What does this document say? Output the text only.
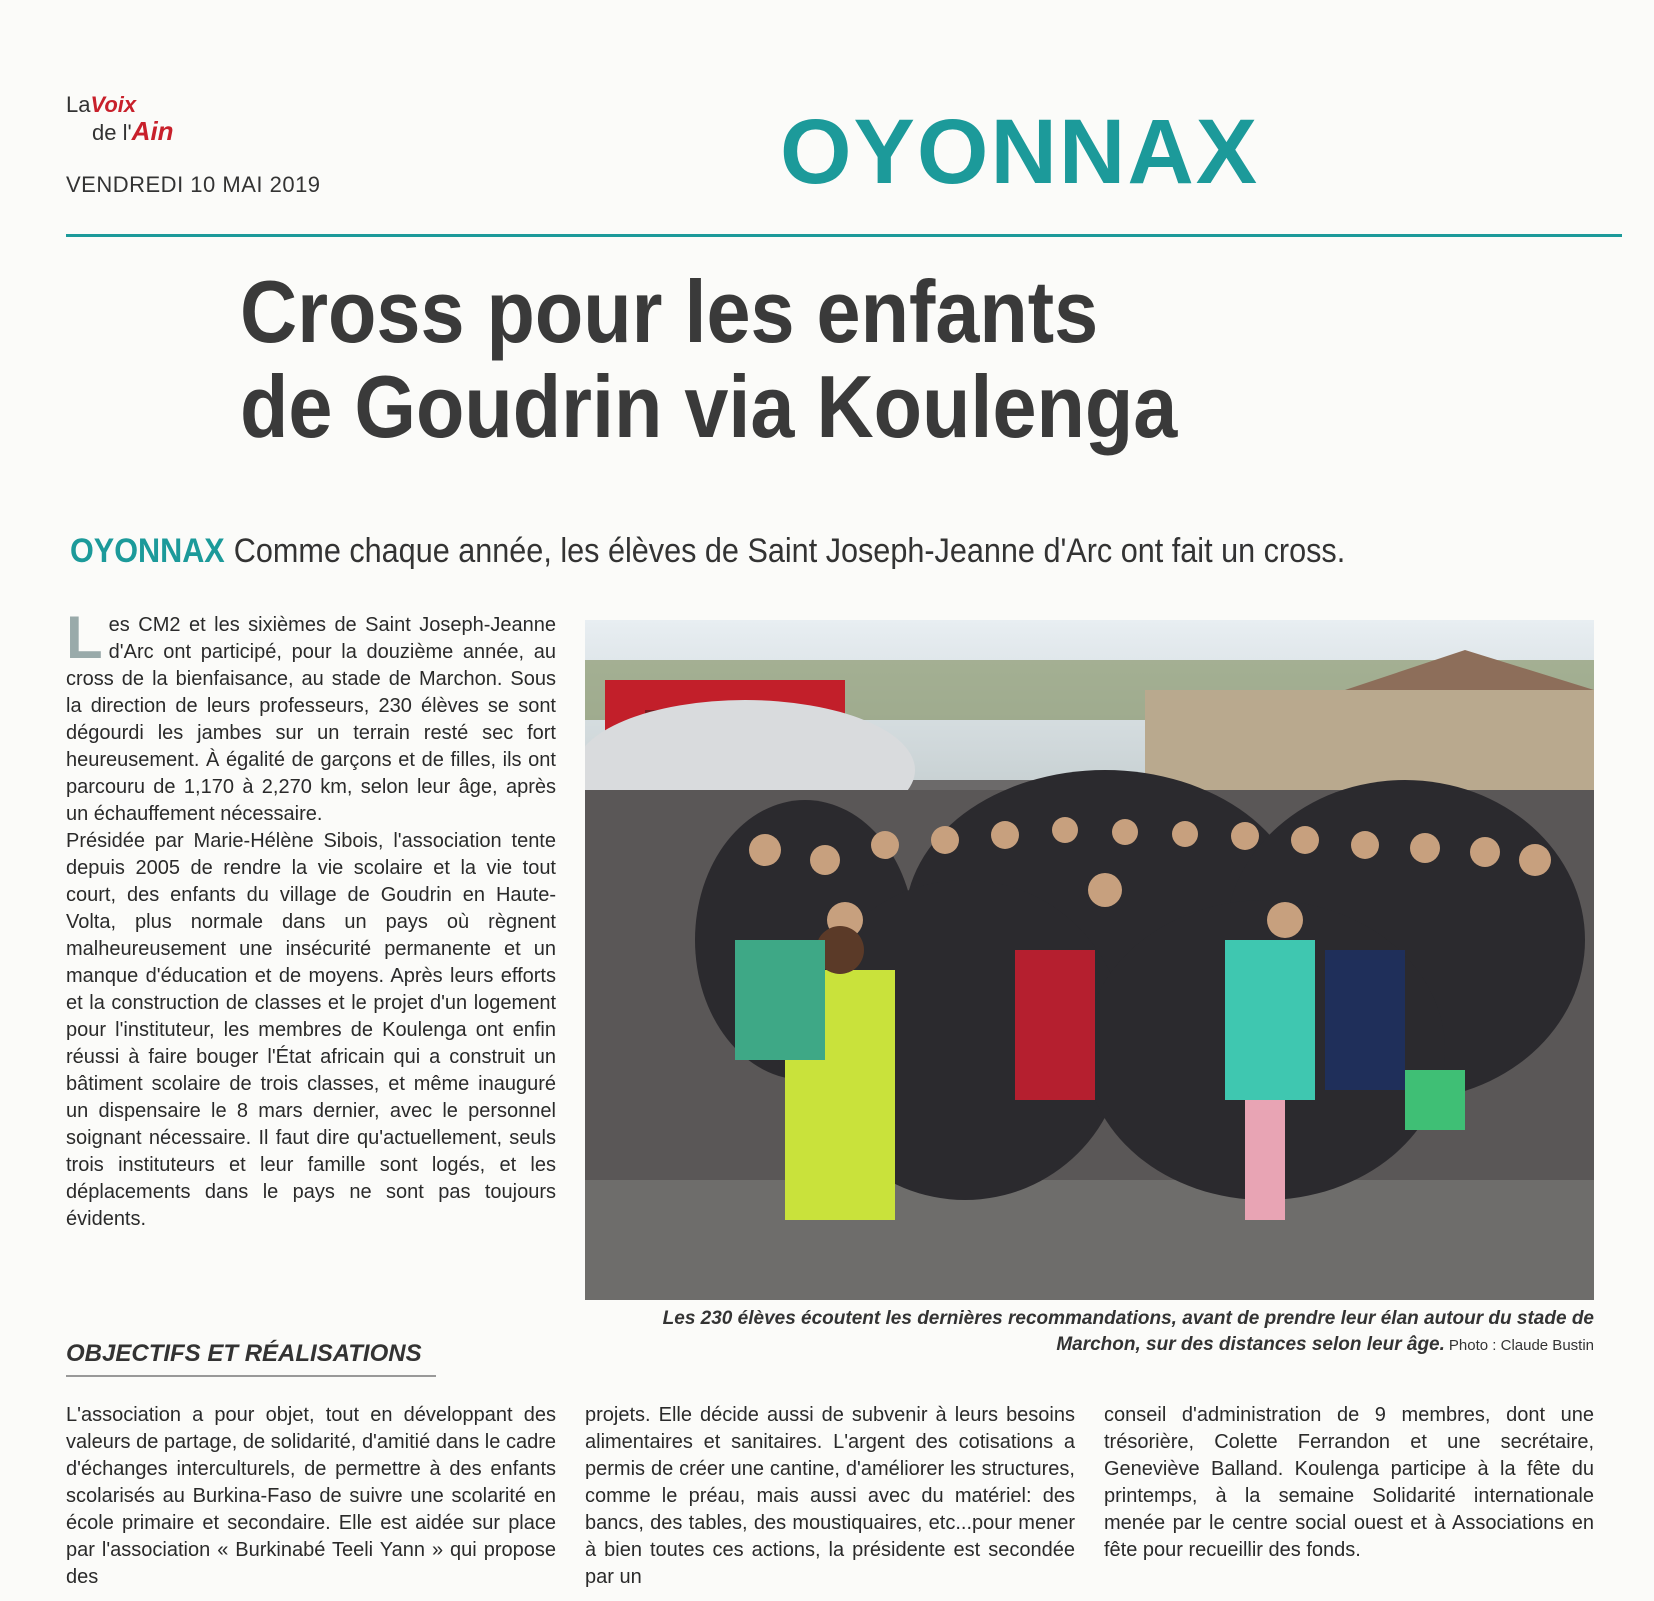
LaVoix
de l'Ain
VENDREDI 10 MAI 2019	OYONNAX
Cross pour les enfants
de Goudrin via Koulenga
OYONNAX Comme chaque année, les élèves de Saint Joseph-Jeanne d'Arc ont fait un cross.

Les CM2 et les sixièmes de Saint Joseph-Jeanne d'Arc ont participé, pour la douzième année, au cross de la bienfaisance, au stade de Marchon. Sous la direction de leurs professeurs, 230 élèves se sont dégourdi les jambes sur un terrain resté sec fort heureusement. À égalité de garçons et de filles, ils ont parcouru de 1,170 à 2,270 km, selon leur âge, après un échauffement nécessaire.

Présidée par Marie-Hélène Sibois, l'association tente depuis 2005 de rendre la vie scolaire et la vie tout court, des enfants du village de Goudrin en Haute-Volta, plus normale dans un pays où règnent malheureusement une insécurité permanente et un manque d'éducation et de moyens. Après leurs efforts et la construction de classes et le projet d'un logement pour l'instituteur, les membres de Koulenga ont enfin réussi à faire bouger l'État africain qui a construit un bâtiment scolaire de trois classes, et même inauguré un dispensaire le 8 mars dernier, avec le personnel soignant nécessaire. Il faut dire qu'actuellement, seuls trois instituteurs et leur famille sont logés, et les déplacements dans le pays ne sont pas toujours évidents.

Les 230 élèves écoutent les dernières recommandations, avant de prendre leur élan autour du stade de Marchon, sur des distances selon leur âge. Photo : Claude Bustin
OBJECTIFS ET RÉALISATIONS

L'association a pour objet, tout en développant des valeurs de partage, de solidarité, d'amitié dans le cadre d'échanges interculturels, de permettre à des enfants scolarisés au Burkina-Faso de suivre une scolarité en école primaire et secondaire. Elle est aidée sur place par l'association « Burkinabé Teeli Yann » qui propose des

projets. Elle décide aussi de subvenir à leurs besoins alimentaires et sanitaires. L'argent des cotisations a permis de créer une cantine, d'améliorer les structures, comme le préau, mais aussi avec du matériel: des bancs, des tables, des moustiquaires, etc...pour mener à bien toutes ces actions, la présidente est secondée par un

conseil d'administration de 9 membres, dont une trésorière, Colette Ferrandon et une secrétaire, Geneviève Balland. Koulenga participe à la fête du printemps, à la semaine Solidarité internationale menée par le centre social ouest et à Associations en fête pour recueillir des fonds.
